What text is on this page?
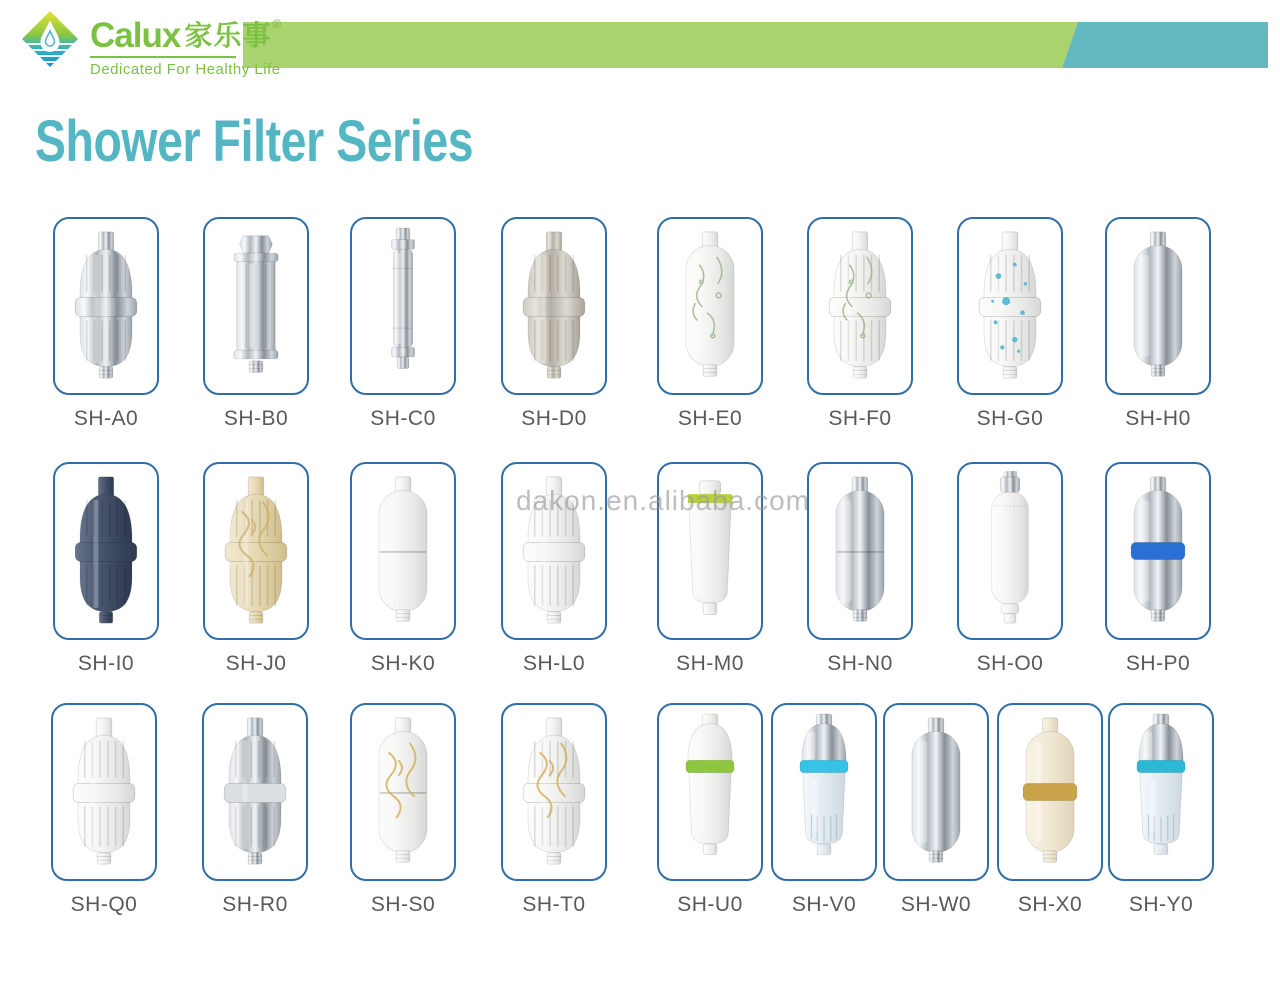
Calux 家乐事 ®
Dedicated For Healthy Life
Shower Filter Series
SH-A0	SH-B0	SH-C0	SH-D0	SH-E0	SH-F0	SH-G0	SH-H0
SH-I0	SH-J0	SH-K0	SH-L0	SH-M0	SH-N0	SH-O0	SH-P0
SH-Q0	SH-R0	SH-S0	SH-T0	SH-U0	SH-V0	SH-W0	SH-X0	SH-Y0
dakon.en.alibaba.com
